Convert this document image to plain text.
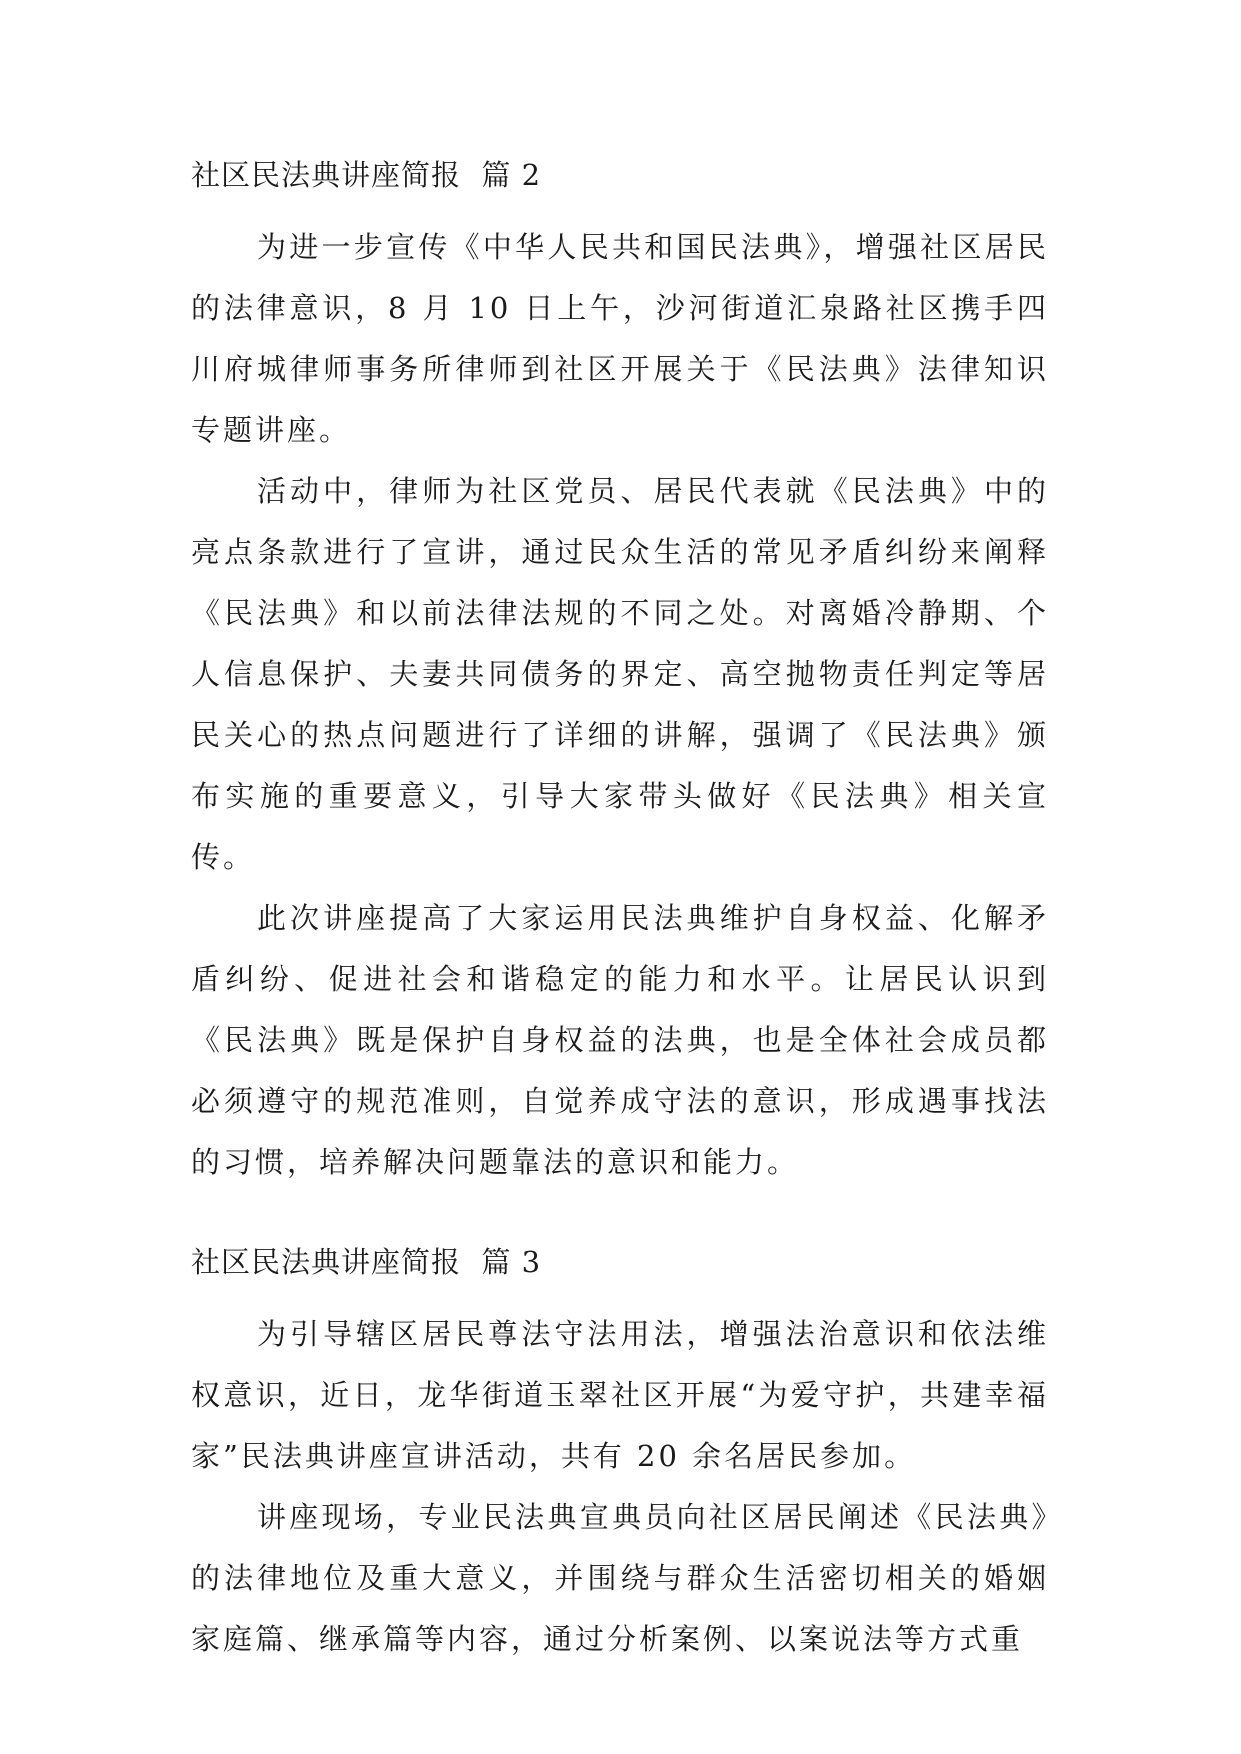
社区民法典讲座简报  篇 2

为进一步宣传《中华人民共和国民法典》，增强社区居民的法律意识，8 月 10 日上午，沙河街道汇泉路社区携手四川府城律师事务所律师到社区开展关于《民法典》法律知识专题讲座。

活动中，律师为社区党员、居民代表就《民法典》中的亮点条款进行了宣讲，通过民众生活的常见矛盾纠纷来阐释《民法典》和以前法律法规的不同之处。对离婚冷静期、个人信息保护、夫妻共同债务的界定、高空抛物责任判定等居民关心的热点问题进行了详细的讲解，强调了《民法典》颁布实施的重要意义，引导大家带头做好《民法典》相关宣传。

此次讲座提高了大家运用民法典维护自身权益、化解矛盾纠纷、促进社会和谐稳定的能力和水平。让居民认识到《民法典》既是保护自身权益的法典，也是全体社会成员都必须遵守的规范准则，自觉养成守法的意识，形成遇事找法的习惯，培养解决问题靠法的意识和能力。

社区民法典讲座简报  篇 3

为引导辖区居民尊法守法用法，增强法治意识和依法维权意识，近日，龙华街道玉翠社区开展“为爱守护，共建幸福家”民法典讲座宣讲活动，共有 20 余名居民参加。

讲座现场，专业民法典宣典员向社区居民阐述《民法典》的法律地位及重大意义，并围绕与群众生活密切相关的婚姻家庭篇、继承篇等内容，通过分析案例、以案说法等方式重
